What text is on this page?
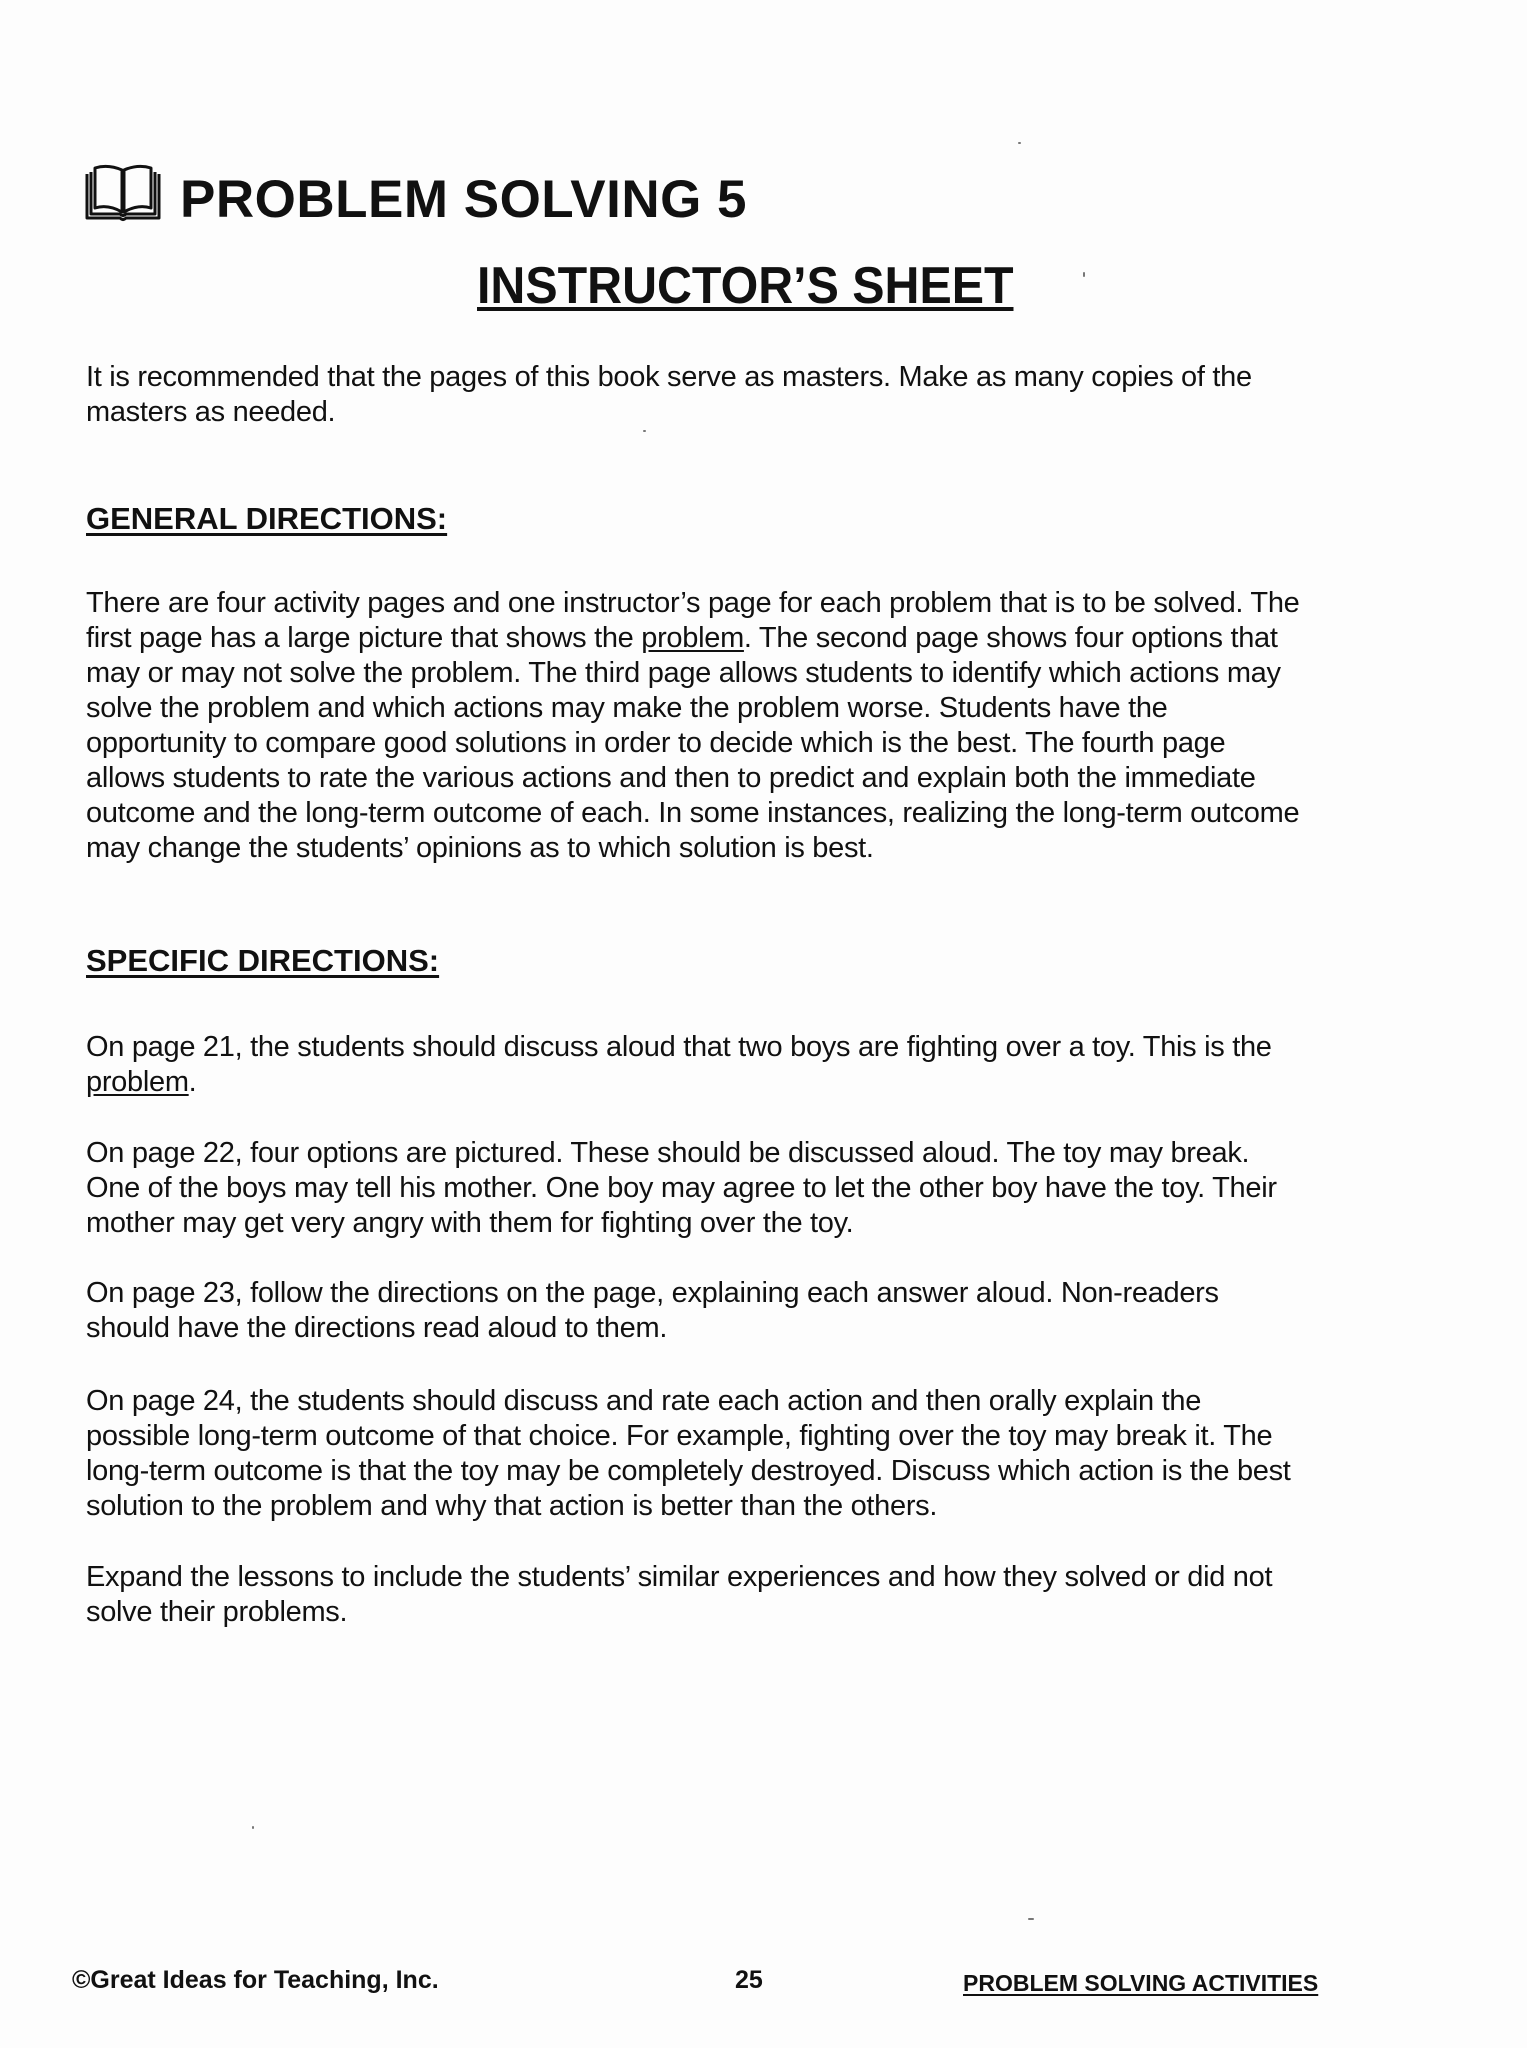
PROBLEM SOLVING 5
INSTRUCTOR’S SHEET
It is recommended that the pages of this book serve as masters. Make as many copies of the
masters as needed.
GENERAL DIRECTIONS:
There are four activity pages and one instructor’s page for each problem that is to be solved. The
first page has a large picture that shows the problem. The second page shows four options that
may or may not solve the problem. The third page allows students to identify which actions may
solve the problem and which actions may make the problem worse. Students have the
opportunity to compare good solutions in order to decide which is the best. The fourth page
allows students to rate the various actions and then to predict and explain both the immediate
outcome and the long-term outcome of each. In some instances, realizing the long-term outcome
may change the students’ opinions as to which solution is best.
SPECIFIC DIRECTIONS:
On page 21, the students should discuss aloud that two boys are fighting over a toy. This is the
problem.
On page 22, four options are pictured. These should be discussed aloud. The toy may break.
One of the boys may tell his mother. One boy may agree to let the other boy have the toy. Their
mother may get very angry with them for fighting over the toy.
On page 23, follow the directions on the page, explaining each answer aloud. Non-readers
should have the directions read aloud to them.
On page 24, the students should discuss and rate each action and then orally explain the
possible long-term outcome of that choice. For example, fighting over the toy may break it. The
long-term outcome is that the toy may be completely destroyed. Discuss which action is the best
solution to the problem and why that action is better than the others.
Expand the lessons to include the students’ similar experiences and how they solved or did not
solve their problems.
©Great Ideas for Teaching, Inc.	25	PROBLEM SOLVING ACTIVITIES
